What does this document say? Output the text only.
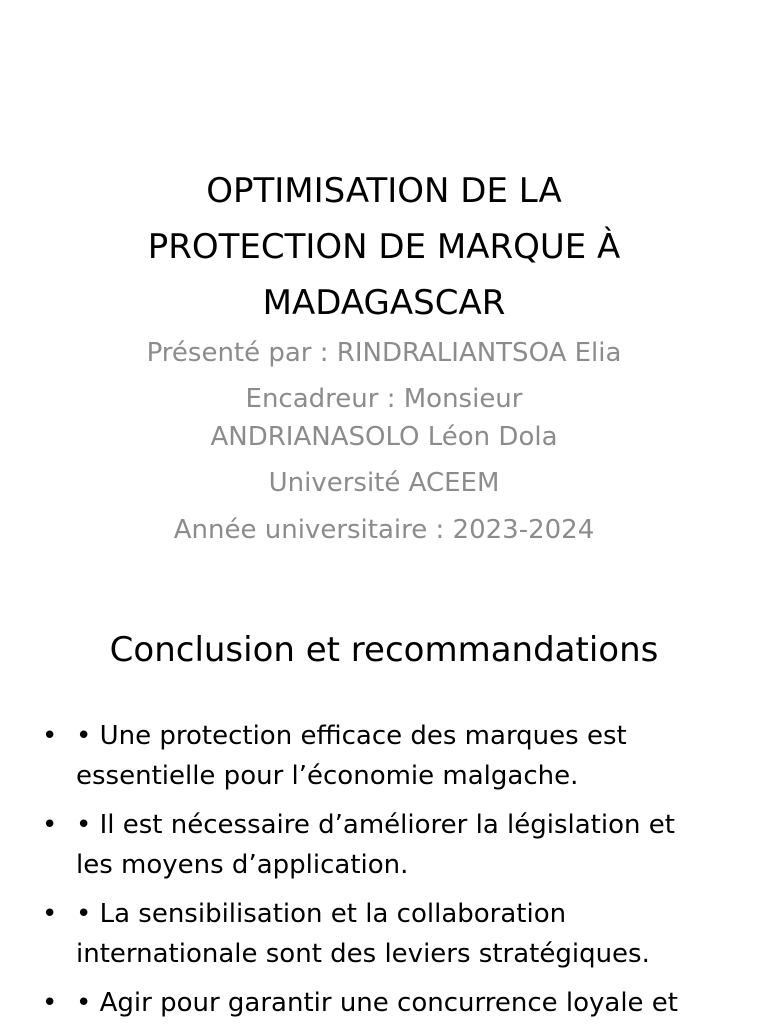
OPTIMISATION DE LA
PROTECTION DE MARQUE À
MADAGASCAR
Présenté par : RINDRALIANTSOA Elia
Encadreur : Monsieur
ANDRIANASOLO Léon Dola
Université ACEEM
Année universitaire : 2023-2024
Conclusion et recommandations
• • Une protection efficace des marques est
essentielle pour l’économie malgache.
• • Il est nécessaire d’améliorer la législation et
les moyens d’application.
• • La sensibilisation et la collaboration
internationale sont des leviers stratégiques.
• • Agir pour garantir une concurrence loyale et
